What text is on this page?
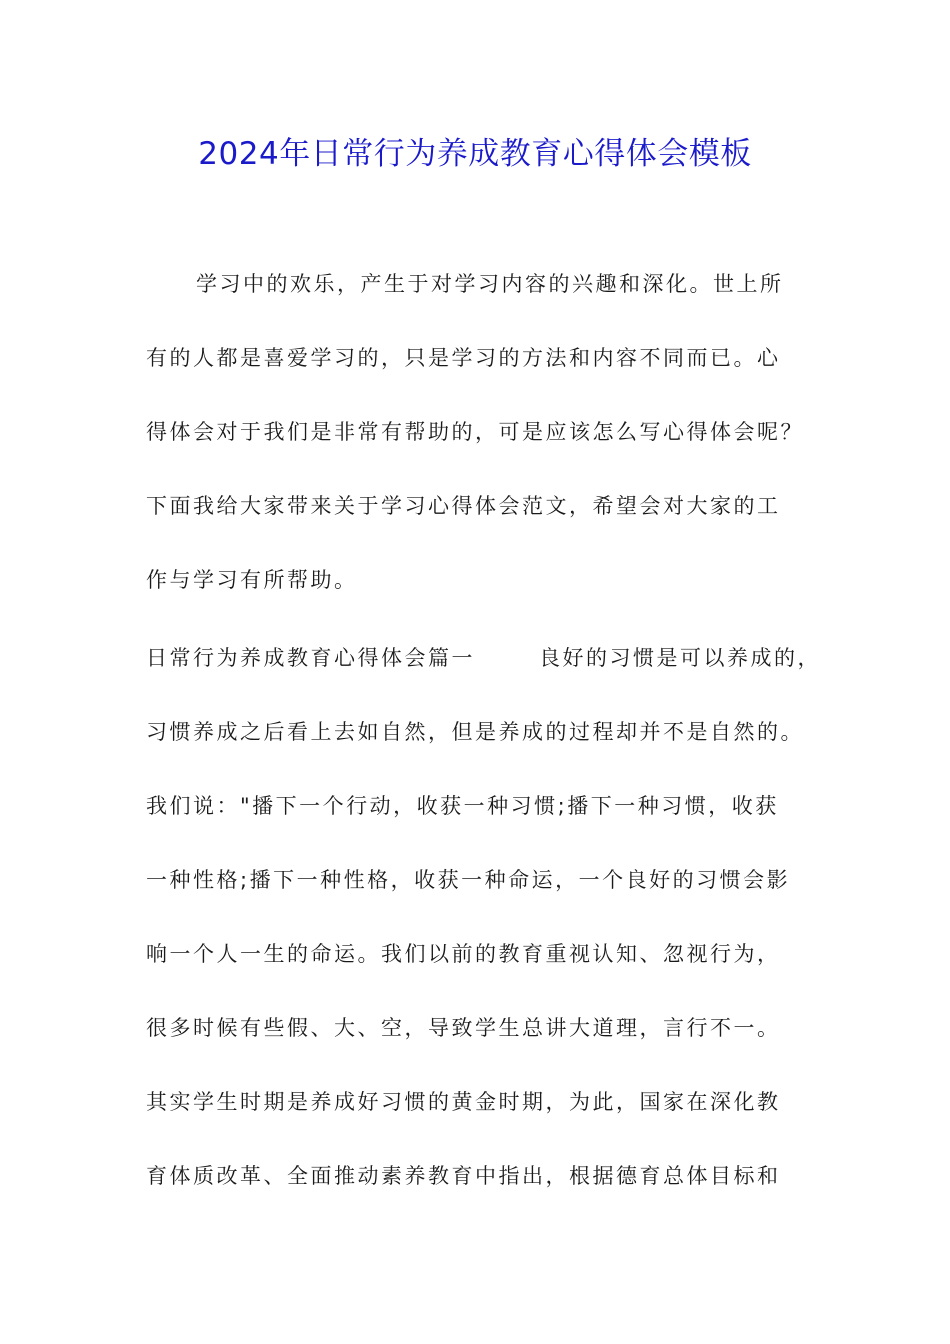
2024年日常行为养成教育心得体会模板
学习中的欢乐，产生于对学习内容的兴趣和深化。世上所
有的人都是喜爱学习的，只是学习的方法和内容不同而已。心
得体会对于我们是非常有帮助的，可是应该怎么写心得体会呢？
下面我给大家带来关于学习心得体会范文，希望会对大家的工
作与学习有所帮助。
日常行为养成教育心得体会篇一	良好的习惯是可以养成的，
习惯养成之后看上去如自然，但是养成的过程却并不是自然的。
我们说："播下一个行动，收获一种习惯;播下一种习惯，收获
一种性格;播下一种性格，收获一种命运，一个良好的习惯会影
响一个人一生的命运。我们以前的教育重视认知、忽视行为，
很多时候有些假、大、空，导致学生总讲大道理，言行不一。
其实学生时期是养成好习惯的黄金时期，为此，国家在深化教
育体质改革、全面推动素养教育中指出，根据德育总体目标和
